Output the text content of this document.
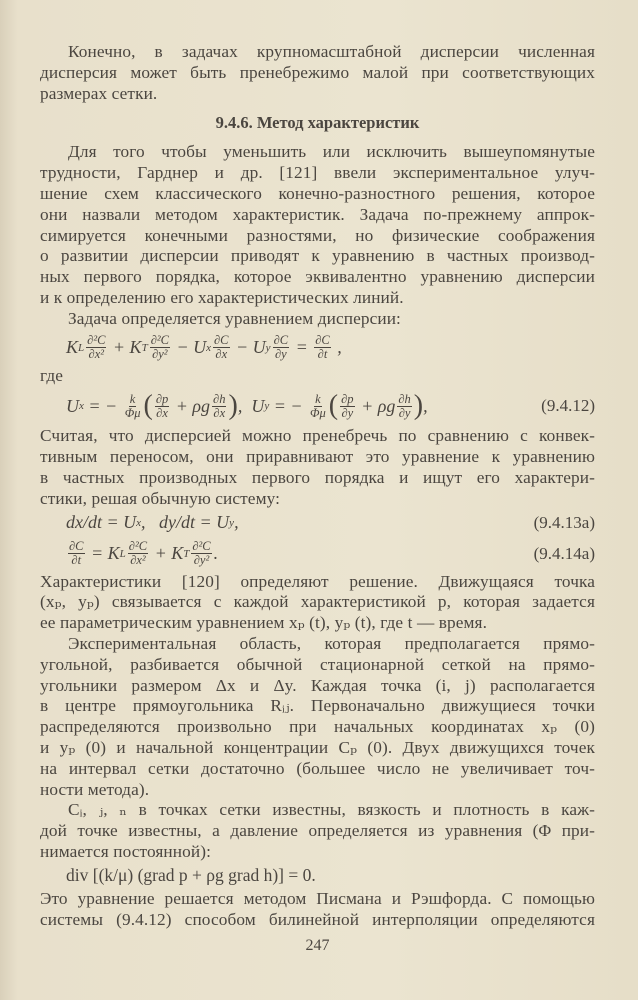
Конечно, в задачах крупномасштабной дисперсии численная
дисперсия может быть пренебрежимо малой при соответствующих
размерах сетки.
9.4.6. Метод характеристик
Для того чтобы уменьшить или исключить вышеупомянутые
трудности, Гарднер и др. [121] ввели экспериментальное улуч-
шение схем классического конечно-разностного решения, которое
они назвали методом характеристик. Задача по-прежнему аппрок-
симируется конечными разностями, но физические соображения
о развитии дисперсии приводят к уравнению в частных производ-
ных первого порядка, которое эквивалентно уравнению дисперсии
и к определению его характеристических линий.
Задача определяется уравнением дисперсии:
K L $\frac{\text{∂²C}}{\text{∂x²}} + K$ T $\frac{\text{∂²C}}{\text{∂y²}} - U$ x $\frac{\partial C}{\partial x} - U$ y $\frac{\partial C}{\partial y} = \frac{\partial C}{\partial t}$ ,
где
U x = − $\frac{k}{\Phi\mu}$ ( $\frac{\partial p}{\partial x} + \rho g \frac{\partial h}{\partial x}$ ) ,  U y = − $\frac{k}{\Phi\mu}$ ( $\frac{\partial p}{\partial y} + \rho g \frac{\partial h}{\partial y}$ ) ,	(9.4.12)
Считая, что дисперсией можно пренебречь по сравнению с конвек-
тивным переносом, они приравнивают это уравнение к уравнению
в частных производных первого порядка и ищут его характери-
стики, решая обычную систему:
dx/dt = U x ,   dy/dt = U y ,	(9.4.13a)
$\frac{\partial C}{\partial t} = K$ L $\frac{\text{∂²C}}{\text{∂x²}} + K$ T $\frac{\text{∂²C}}{\text{∂y²}}$ .	(9.4.14a)
Характеристики [120] определяют решение. Движущаяся точка
(xₚ, yₚ) связывается с каждой характеристикой p, которая задается
ее параметрическим уравнением xₚ (t), yₚ (t), где t — время.
Экспериментальная область, которая предполагается прямо-
угольной, разбивается обычной стационарной сеткой на прямо-
угольники размером Δx и Δy. Каждая точка (i, j) располагается
в центре прямоугольника Rᵢⱼ. Первоначально движущиеся точки
распределяются произвольно при начальных координатах xₚ (0)
и yₚ (0) и начальной концентрации Cₚ (0). Двух движущихся точек
на интервал сетки достаточно (большее число не увеличивает точ-
ности метода).
Cᵢ, ⱼ, ₙ в точках сетки известны, вязкость и плотность в каж-
дой точке известны, а давление определяется из уравнения (Φ при-
нимается постоянной):
div [(k/μ) (grad p + ρg grad h)] = 0.
Это уравнение решается методом Писмана и Рэшфорда. С помощью
системы (9.4.12) способом билинейной интерполяции определяются
247
